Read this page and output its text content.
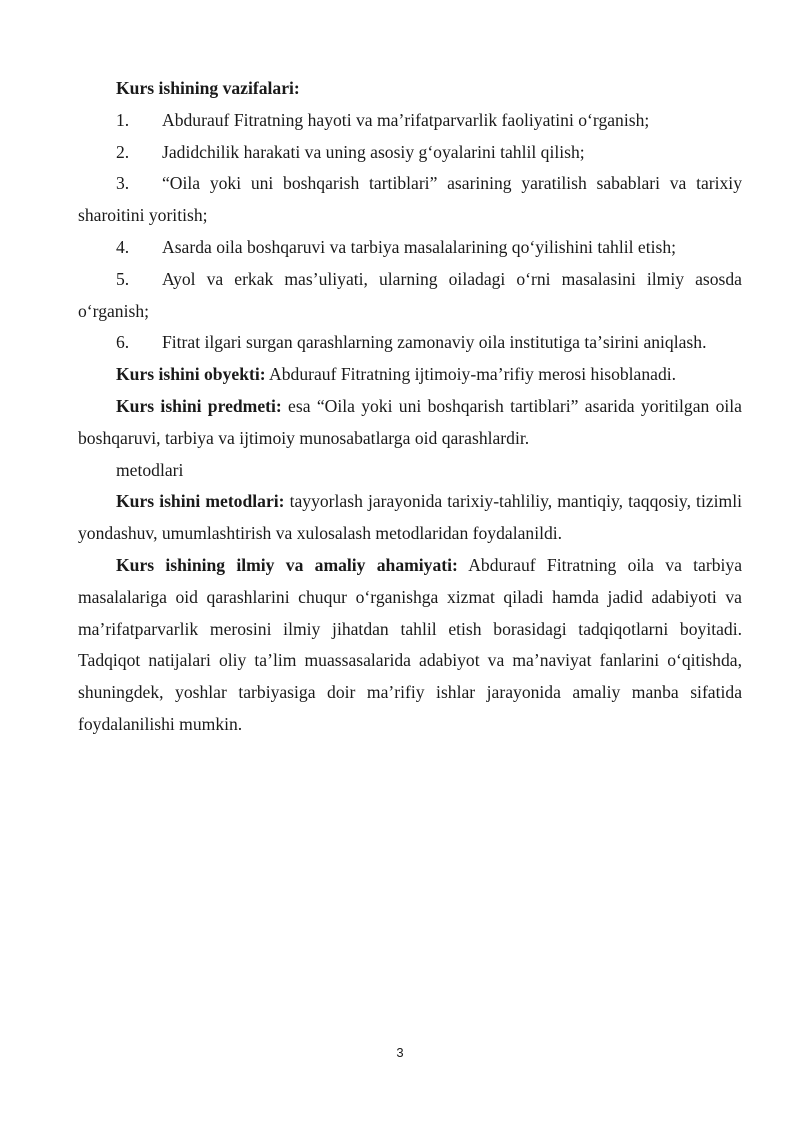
Kurs ishining vazifalari:

1. Abdurauf Fitratning hayoti va maʼrifatparvarlik faoliyatini oʻrganish;

2. Jadidchilik harakati va uning asosiy gʻoyalarini tahlil qilish;

3. “Oila yoki uni boshqarish tartiblari” asarining yaratilish sabablari va tarixiy sharoitini yoritish;

4. Asarda oila boshqaruvi va tarbiya masalalarining qoʻyilishini tahlil etish;

5. Ayol va erkak masʼuliyati, ularning oiladagi oʻrni masalasini ilmiy asosda oʻrganish;

6. Fitrat ilgari surgan qarashlarning zamonaviy oila institutiga taʼsirini aniqlash.

Kurs ishini obyekti: Abdurauf Fitratning ijtimoiy-maʼrifiy merosi hisoblanadi.

Kurs ishini predmeti: esa “Oila yoki uni boshqarish tartiblari” asarida yoritilgan oila boshqaruvi, tarbiya va ijtimoiy munosabatlarga oid qarashlardir.

metodlari

Kurs ishini metodlari: tayyorlash jarayonida tarixiy-tahliliy, mantiqiy, taqqosiy, tizimli yondashuv, umumlashtirish va xulosalash metodlaridan foydalanildi.

Kurs ishining ilmiy va amaliy ahamiyati: Abdurauf Fitratning oila va tarbiya masalalariga oid qarashlarini chuqur oʻrganishga xizmat qiladi hamda jadid adabiyoti va maʼrifatparvarlik merosini ilmiy jihatdan tahlil etish borasidagi tadqiqotlarni boyitadi. Tadqiqot natijalari oliy taʼlim muassasalarida adabiyot va maʼnaviyat fanlarini oʻqitishda, shuningdek, yoshlar tarbiyasiga doir maʼrifiy ishlar jarayonida amaliy manba sifatida foydalanilishi mumkin.

3
